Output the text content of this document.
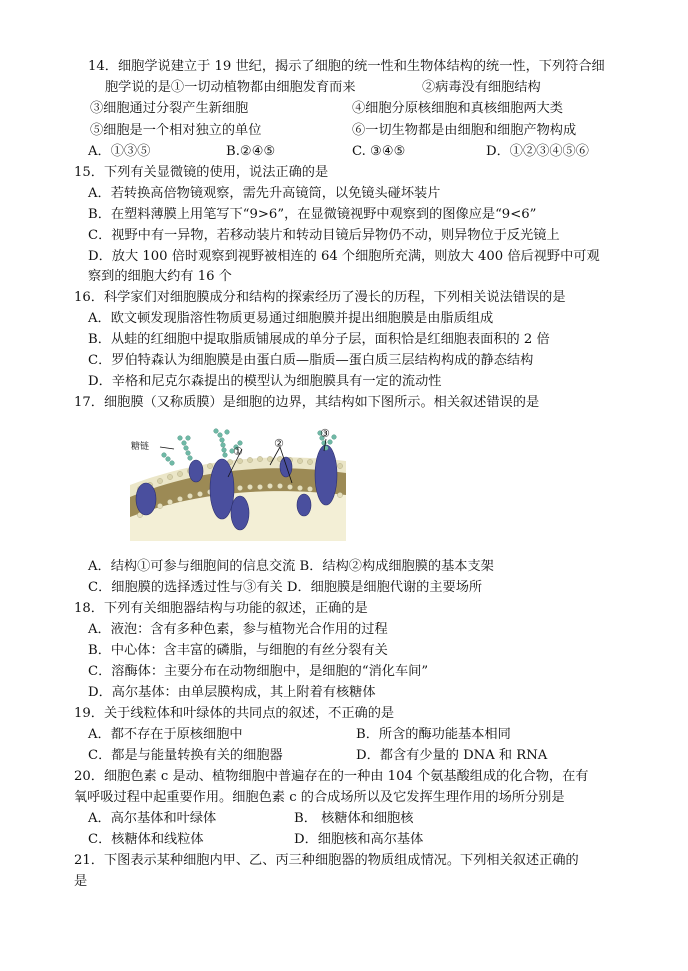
14．细胞学说建立于 19 世纪，揭示了细胞的统一性和生物体结构的统一性，下列符合细
胞学说的是①一切动植物都由细胞发育而来	②病毒没有细胞结构
③细胞通过分裂产生新细胞	④细胞分原核细胞和真核细胞两大类
⑤细胞是一个相对独立的单位	⑥一切生物都是由细胞和细胞产物构成
A．①③⑤	B.②④⑤	C. ③④⑤	D．①②③④⑤⑥
15．下列有关显微镜的使用，说法正确的是
A．若转换高倍物镜观察，需先升高镜筒，以免镜头碰坏装片
B．在塑料薄膜上用笔写下“9>6”，在显微镜视野中观察到的图像应是“9<6”
C．视野中有一异物，若移动装片和转动目镜后异物仍不动，则异物位于反光镜上
D．放大 100 倍时观察到视野被相连的 64 个细胞所充满，则放大 400 倍后视野中可观
察到的细胞大约有 16 个
16．科学家们对细胞膜成分和结构的探索经历了漫长的历程，下列相关说法错误的是
A．欧文顿发现脂溶性物质更易通过细胞膜并提出细胞膜是由脂质组成
B．从蛙的红细胞中提取脂质铺展成的单分子层，面积恰是红细胞表面积的 2 倍
C．罗伯特森认为细胞膜是由蛋白质—脂质—蛋白质三层结构构成的静态结构
D．辛格和尼克尔森提出的模型认为细胞膜具有一定的流动性
17．细胞膜（又称质膜）是细胞的边界，其结构如下图所示。相关叙述错误的是
糖链	①
②
③
A．结构①可参与细胞间的信息交流 B．结构②构成细胞膜的基本支架
C．细胞膜的选择透过性与③有关 D．细胞膜是细胞代谢的主要场所
18．下列有关细胞器结构与功能的叙述，正确的是
A．液泡：含有多种色素，参与植物光合作用的过程
B．中心体：含丰富的磷脂，与细胞的有丝分裂有关
C．溶酶体：主要分布在动物细胞中，是细胞的“消化车间”
D．高尔基体：由单层膜构成，其上附着有核糖体
19．关于线粒体和叶绿体的共同点的叙述，不正确的是
A．都不存在于原核细胞中	B．所含的酶功能基本相同
C．都是与能量转换有关的细胞器	D．都含有少量的 DNA 和 RNA
20．细胞色素 c 是动、植物细胞中普遍存在的一种由 104 个氨基酸组成的化合物，在有
氧呼吸过程中起重要作用。细胞色素 c 的合成场所以及它发挥生理作用的场所分别是
A．高尔基体和叶绿体	B． 核糖体和细胞核
C．核糖体和线粒体	D．细胞核和高尔基体
21．下图表示某种细胞内甲、乙、丙三种细胞器的物质组成情况。下列相关叙述正确的
是
